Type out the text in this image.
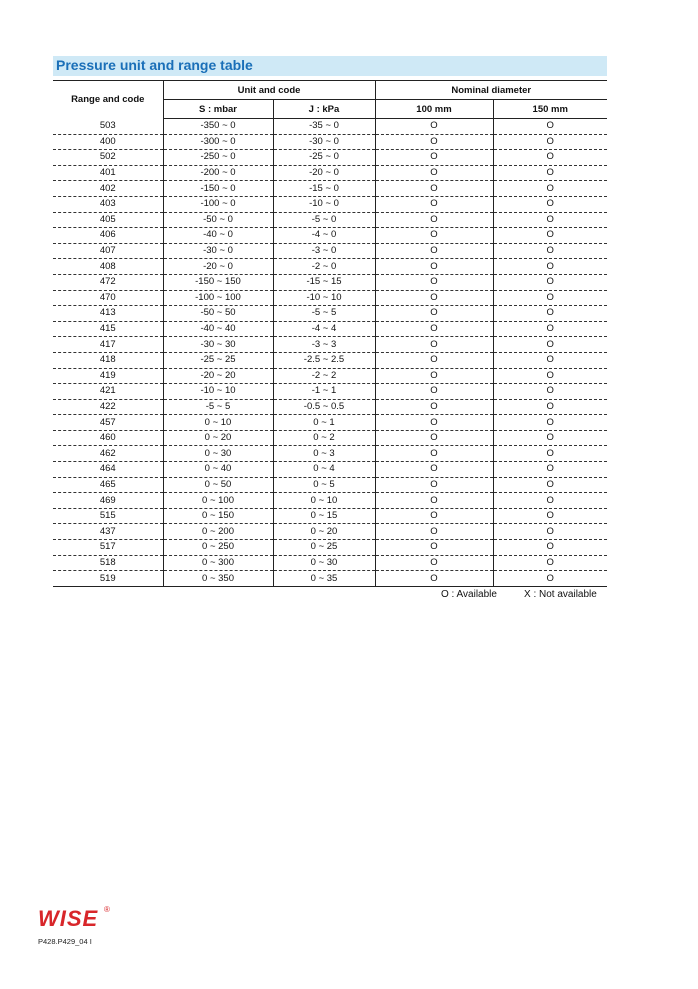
Pressure unit and range table
Range and code	Unit and code		Nominal diameter	
	S : mbar	J : kPa	100 mm	150 mm
503	-350 ~ 0	-35 ~ 0	O	O
400	-300 ~ 0	-30 ~ 0	O	O
502	-250 ~ 0	-25 ~ 0	O	O
401	-200 ~ 0	-20 ~ 0	O	O
402	-150 ~ 0	-15 ~ 0	O	O
403	-100 ~ 0	-10 ~ 0	O	O
405	-50 ~ 0	-5 ~ 0	O	O
406	-40 ~ 0	-4 ~ 0	O	O
407	-30 ~ 0	-3 ~ 0	O	O
408	-20 ~ 0	-2 ~ 0	O	O
472	-150 ~ 150	-15 ~ 15	O	O
470	-100 ~ 100	-10 ~ 10	O	O
413	-50 ~ 50	-5 ~ 5	O	O
415	-40 ~ 40	-4 ~ 4	O	O
417	-30 ~ 30	-3 ~ 3	O	O
418	-25 ~ 25	-2.5 ~ 2.5	O	O
419	-20 ~ 20	-2 ~ 2	O	O
421	-10 ~ 10	-1 ~ 1	O	O
422	-5 ~ 5	-0.5 ~ 0.5	O	O
457	0 ~ 10	0 ~ 1	O	O
460	0 ~ 20	0 ~ 2	O	O
462	0 ~ 30	0 ~ 3	O	O
464	0 ~ 40	0 ~ 4	O	O
465	0 ~ 50	0 ~ 5	O	O
469	0 ~ 100	0 ~ 10	O	O
515	0 ~ 150	0 ~ 15	O	O
437	0 ~ 200	0 ~ 20	O	O
517	0 ~ 250	0 ~ 25	O	O
518	0 ~ 300	0 ~ 30	O	O
519	0 ~ 350	0 ~ 35	O	O
O : Available	X : Not available
WISE ®
P428.P429_04 I
